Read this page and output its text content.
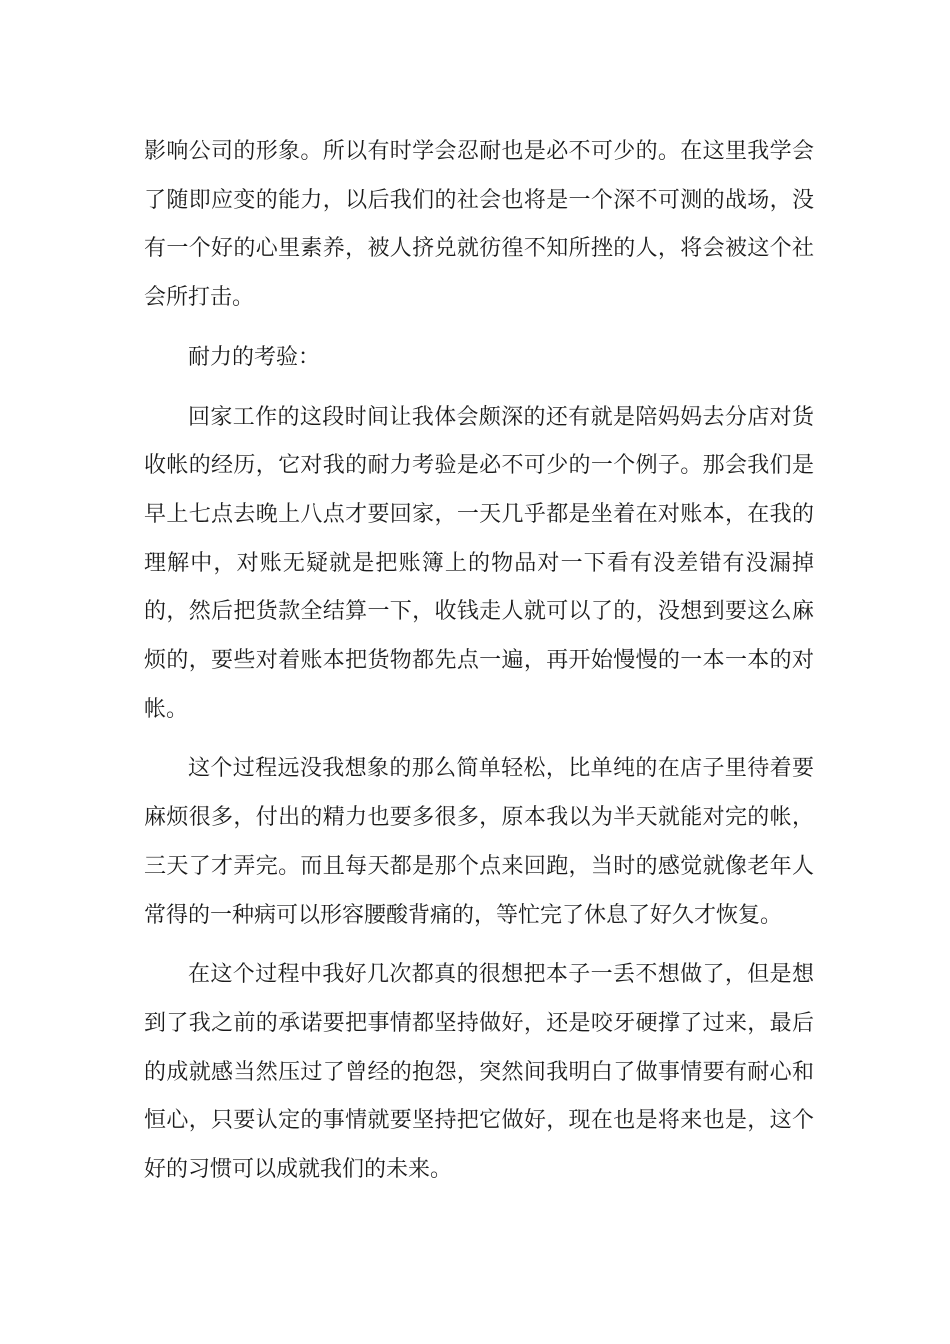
影响公司的形象。所以有时学会忍耐也是必不可少的。在这里我学会了随即应变的能力，以后我们的社会也将是一个深不可测的战场，没有一个好的心里素养，被人挤兑就彷徨不知所挫的人，将会被这个社会所打击。

耐力的考验：

回家工作的这段时间让我体会颇深的还有就是陪妈妈去分店对货收帐的经历，它对我的耐力考验是必不可少的一个例子。那会我们是早上七点去晚上八点才要回家，一天几乎都是坐着在对账本，在我的理解中，对账无疑就是把账簿上的物品对一下看有没差错有没漏掉的，然后把货款全结算一下，收钱走人就可以了的，没想到要这么麻烦的，要些对着账本把货物都先点一遍，再开始慢慢的一本一本的对帐。

这个过程远没我想象的那么简单轻松，比单纯的在店子里待着要麻烦很多，付出的精力也要多很多，原本我以为半天就能对完的帐，三天了才弄完。而且每天都是那个点来回跑，当时的感觉就像老年人常得的一种病可以形容腰酸背痛的，等忙完了休息了好久才恢复。

在这个过程中我好几次都真的很想把本子一丢不想做了，但是想到了我之前的承诺要把事情都坚持做好，还是咬牙硬撑了过来，最后的成就感当然压过了曾经的抱怨，突然间我明白了做事情要有耐心和恒心，只要认定的事情就要坚持把它做好，现在也是将来也是，这个好的习惯可以成就我们的未来。
